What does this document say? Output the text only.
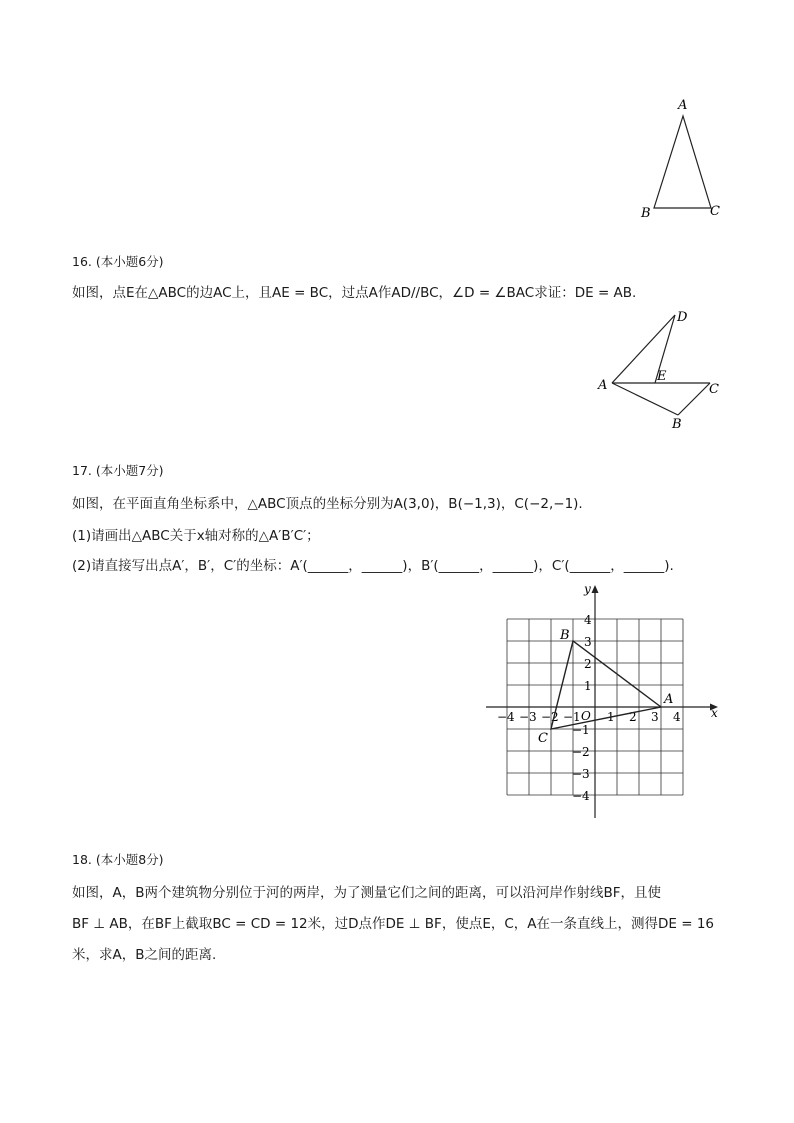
A
B	C
16. (本小题6分)
如图，点E在△ABC的边AC上，且AE = BC，过点A作AD//BC，∠D = ∠BAC求证：DE = AB.
D
A
E
C
B
17. (本小题7分)
如图，在平面直角坐标系中，△ABC顶点的坐标分别为A(3,0)，B(−1,3)，C(−2,−1).
(1)请画出△ABC关于x轴对称的△A′B′C′；
(2)请直接写出点A′，B′，C′的坐标：A′(______，______)，B′(______，______)，C′(______，______).
x
y
O
−4 −3 −2 −1 1 2 3 4
4
3
2
1
−1
−2
−3
−4
A
B
C
18. (本小题8分)
如图，A，B两个建筑物分别位于河的两岸，为了测量它们之间的距离，可以沿河岸作射线BF，且使
BF ⊥ AB，在BF上截取BC = CD = 12米，过D点作DE ⊥ BF，使点E，C，A在一条直线上，测得DE = 16
米，求A，B之间的距离.
